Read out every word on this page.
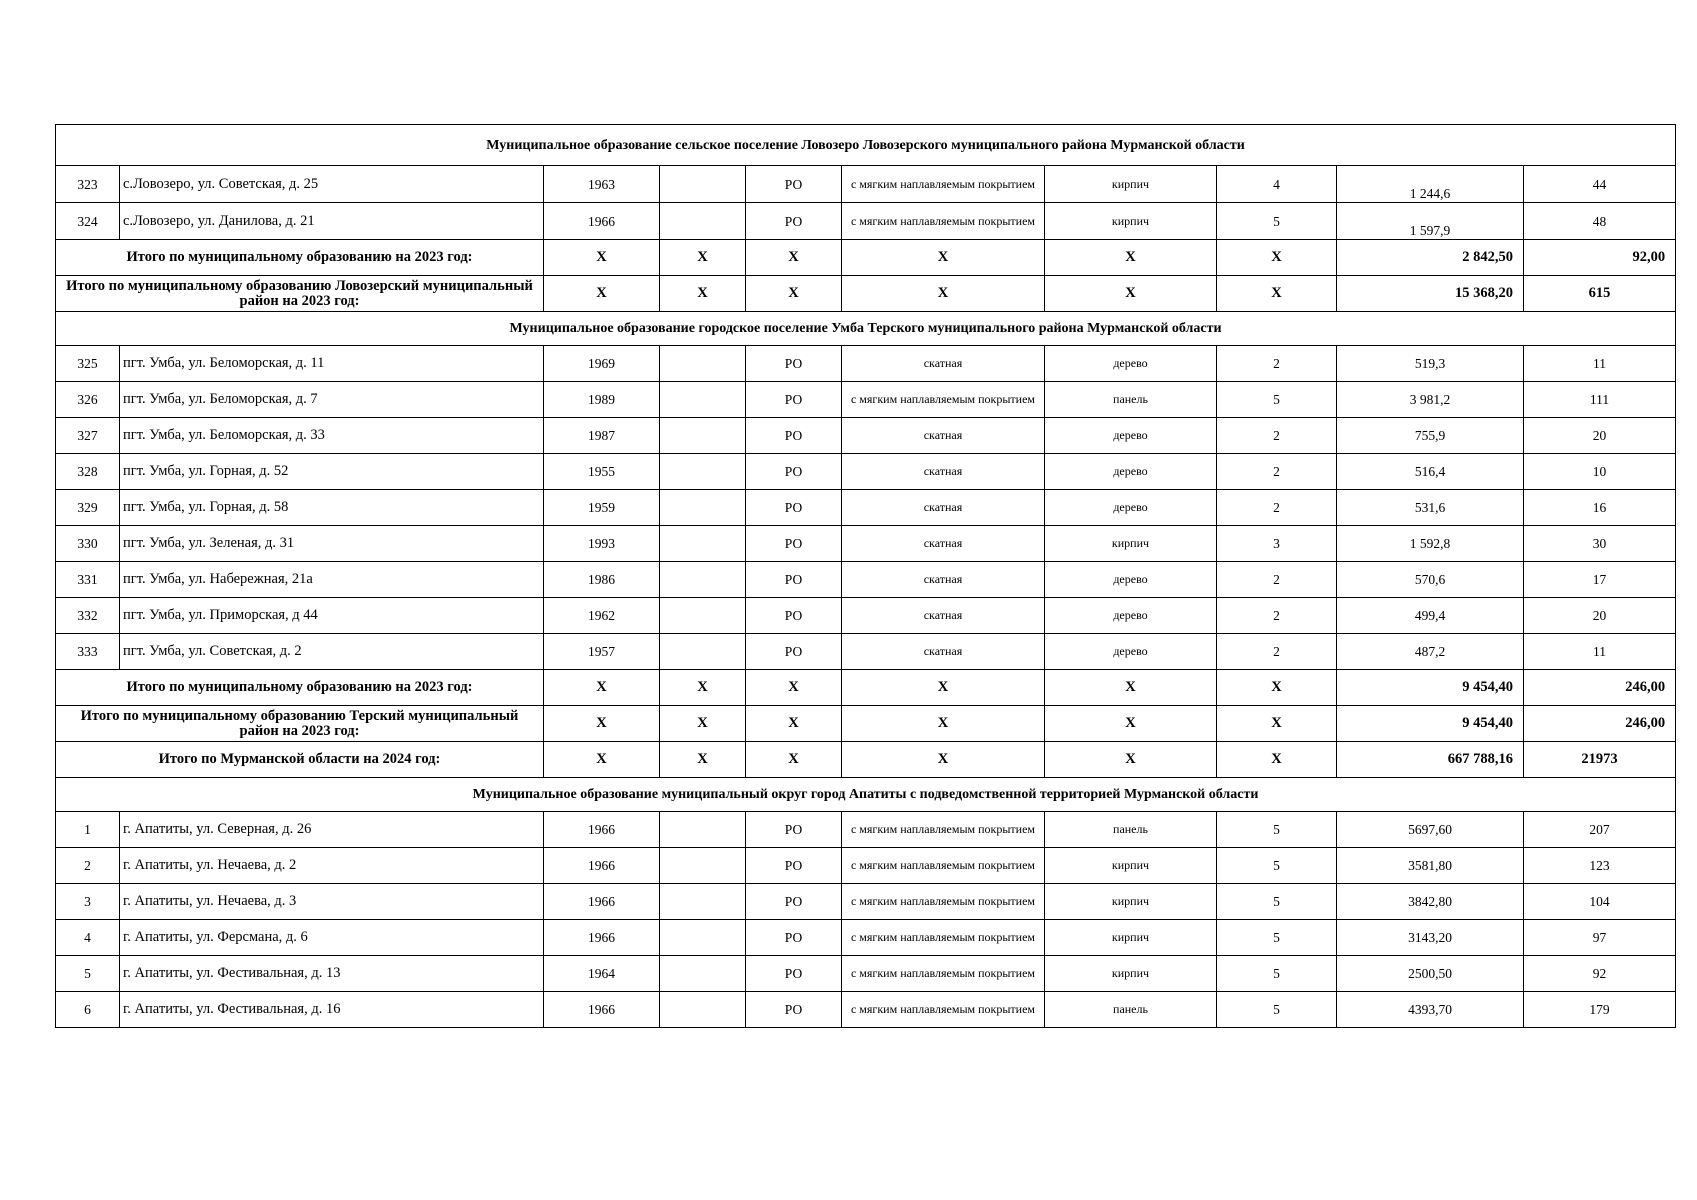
Муниципальное образование сельское поселение Ловозеро Ловозерского муниципального района Мурманской области									
323	с.Ловозеро, ул. Советская, д. 25	1963		РО	с мягким наплавляемым покрытием	кирпич	4	1 244,6	44
324	с.Ловозеро, ул. Данилова, д. 21	1966		РО	с мягким наплавляемым покрытием	кирпич	5	1 597,9	48
Итого по муниципальному образованию на 2023 год:		X	X	X	X	X	X	2 842,50	92,00
Итого по муниципальному образованию Ловозерский муниципальный район на 2023 год:		X	X	X	X	X	X	15 368,20	615
Муниципальное образование городское поселение Умба Терского муниципального района Мурманской области									
325	пгт. Умба, ул. Беломорская, д. 11	1969		РО	скатная	дерево	2	519,3	11
326	пгт. Умба, ул. Беломорская, д. 7	1989		РО	с мягким наплавляемым покрытием	панель	5	3 981,2	111
327	пгт. Умба, ул. Беломорская, д. 33	1987		РО	скатная	дерево	2	755,9	20
328	пгт. Умба, ул. Горная, д. 52	1955		РО	скатная	дерево	2	516,4	10
329	пгт. Умба, ул. Горная, д. 58	1959		РО	скатная	дерево	2	531,6	16
330	пгт. Умба, ул. Зеленая, д. 31	1993		РО	скатная	кирпич	3	1 592,8	30
331	пгт. Умба, ул. Набережная, 21а	1986		РО	скатная	дерево	2	570,6	17
332	пгт. Умба, ул. Приморская, д 44	1962		РО	скатная	дерево	2	499,4	20
333	пгт. Умба, ул. Советская, д. 2	1957		РО	скатная	дерево	2	487,2	11
Итого по муниципальному образованию на 2023 год:		X	X	X	X	X	X	9 454,40	246,00
Итого по муниципальному образованию Терский муниципальный район на 2023 год:		X	X	X	X	X	X	9 454,40	246,00
Итого по Мурманской области на 2024 год:		X	X	X	X	X	X	667 788,16	21973
Муниципальное образование муниципальный округ город Апатиты с подведомственной территорией Мурманской области									
1	г. Апатиты, ул. Северная, д. 26	1966		РО	с мягким наплавляемым покрытием	панель	5	5697,60	207
2	г. Апатиты, ул. Нечаева, д. 2	1966		РО	с мягким наплавляемым покрытием	кирпич	5	3581,80	123
3	г. Апатиты, ул. Нечаева, д. 3	1966		РО	с мягким наплавляемым покрытием	кирпич	5	3842,80	104
4	г. Апатиты, ул. Ферсмана, д. 6	1966		РО	с мягким наплавляемым покрытием	кирпич	5	3143,20	97
5	г. Апатиты, ул. Фестивальная, д. 13	1964		РО	с мягким наплавляемым покрытием	кирпич	5	2500,50	92
6	г. Апатиты, ул. Фестивальная, д. 16	1966		РО	с мягким наплавляемым покрытием	панель	5	4393,70	179
